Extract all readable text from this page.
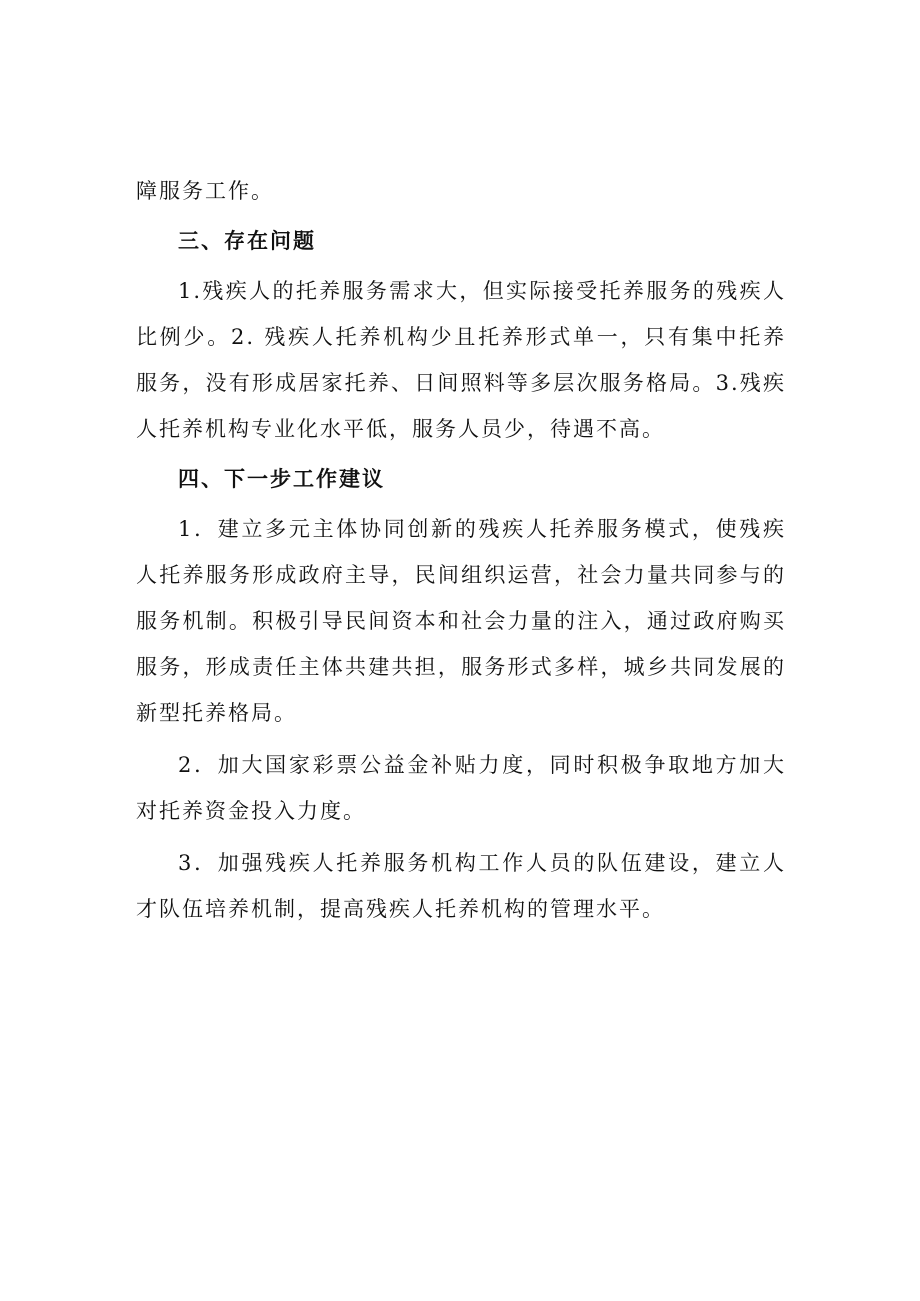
障服务工作。

三、存在问题

1.残疾人的托养服务需求大，但实际接受托养服务的残疾人比例少。2. 残疾人托养机构少且托养形式单一，只有集中托养服务，没有形成居家托养、日间照料等多层次服务格局。3.残疾人托养机构专业化水平低，服务人员少，待遇不高。

四、下一步工作建议

1．建立多元主体协同创新的残疾人托养服务模式，使残疾人托养服务形成政府主导，民间组织运营，社会力量共同参与的服务机制。积极引导民间资本和社会力量的注入，通过政府购买服务，形成责任主体共建共担，服务形式多样，城乡共同发展的新型托养格局。

2．加大国家彩票公益金补贴力度，同时积极争取地方加大对托养资金投入力度。

3．加强残疾人托养服务机构工作人员的队伍建设，建立人才队伍培养机制，提高残疾人托养机构的管理水平。
